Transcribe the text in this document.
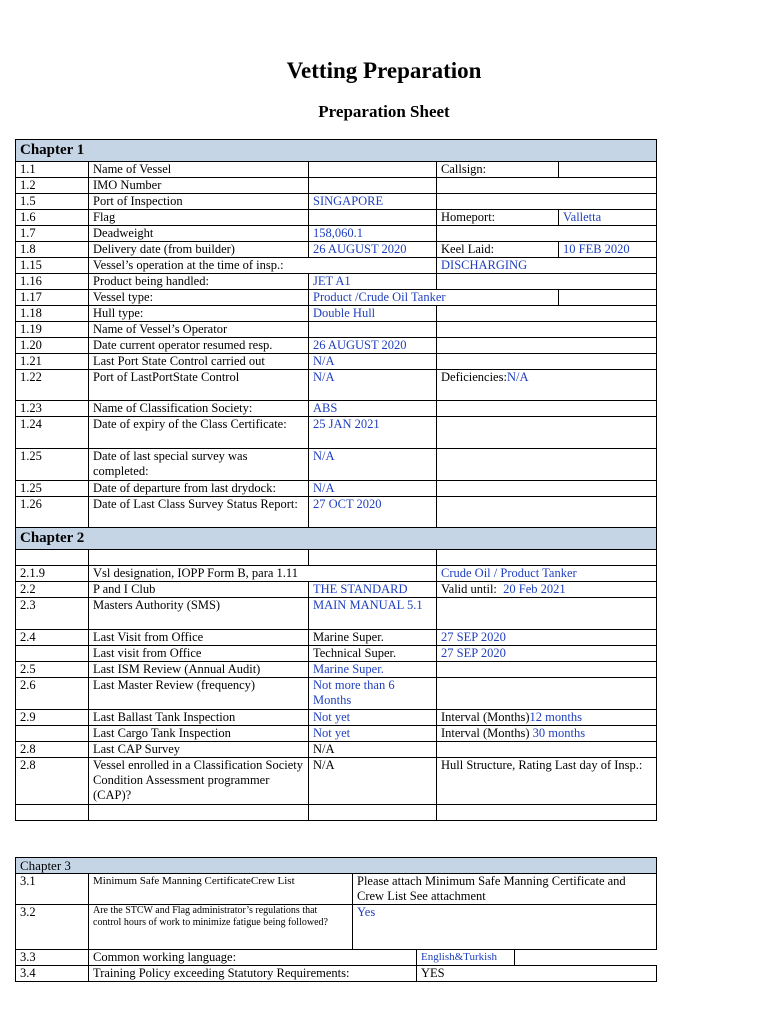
Vetting Preparation
Preparation Sheet
Chapter 1				
1.1	Name of Vessel		Callsign:	
1.2	IMO Number			
1.5	Port of Inspection	SINGAPORE		
1.6	Flag		Homeport:	Valletta
1.7	Deadweight	158,060.1		
1.8	Delivery date (from builder)	26 AUGUST 2020	Keel Laid:	10 FEB 2020
1.15	Vessel’s operation at the time of insp.:		DISCHARGING	
1.16	Product being handled:	JET A1		
1.17	Vessel type:	Product /Crude Oil Tanker		
1.18	Hull type:	Double Hull		
1.19	Name of Vessel’s Operator			
1.20	Date current operator resumed resp.	26 AUGUST 2020		
1.21	Last Port State Control carried out	N/A		
1.22	Port of LastPortState Control	N/A	Deficiencies:N/A	
1.23	Name of Classification Society:	ABS		
1.24	Date of expiry of the Class Certificate:	25 JAN 2021		
1.25	Date of last special survey was completed:	N/A		
1.25	Date of departure from last drydock:	N/A		
1.26	Date of Last Class Survey Status Report:	27 OCT 2020		
Chapter 2				

2.1.9	Vsl designation, IOPP Form B, para 1.11		Crude Oil / Product Tanker	
2.2	P and I Club	THE STANDARD	Valid until: 20 Feb 2021	
2.3	Masters Authority (SMS)	MAIN MANUAL 5.1		
2.4	Last Visit from Office	Marine Super.	27 SEP 2020	
	Last visit from Office	Technical Super.	27 SEP 2020	
2.5	Last ISM Review (Annual Audit)	Marine Super.		
2.6	Last Master Review (frequency)	Not more than 6 Months		
2.9	Last Ballast Tank Inspection	Not yet	Interval (Months)12 months	
	Last Cargo Tank Inspection	Not yet	Interval (Months) 30 months	
2.8	Last CAP Survey	N/A		
2.8	Vessel enrolled in a Classification Society Condition Assessment programmer (CAP)?	N/A	Hull Structure, Rating Last day of Insp.:	

Chapter 3				
3.1	Minimum Safe Manning CertificateCrew List	Please attach Minimum Safe Manning Certificate and Crew List See attachment		
3.2	Are the STCW and Flag administrator’s regulations that control hours of work to minimize fatigue being followed?	Yes		
3.3	Common working language:		English&Turkish	
3.4	Training Policy exceeding Statutory Requirements:		YES	
